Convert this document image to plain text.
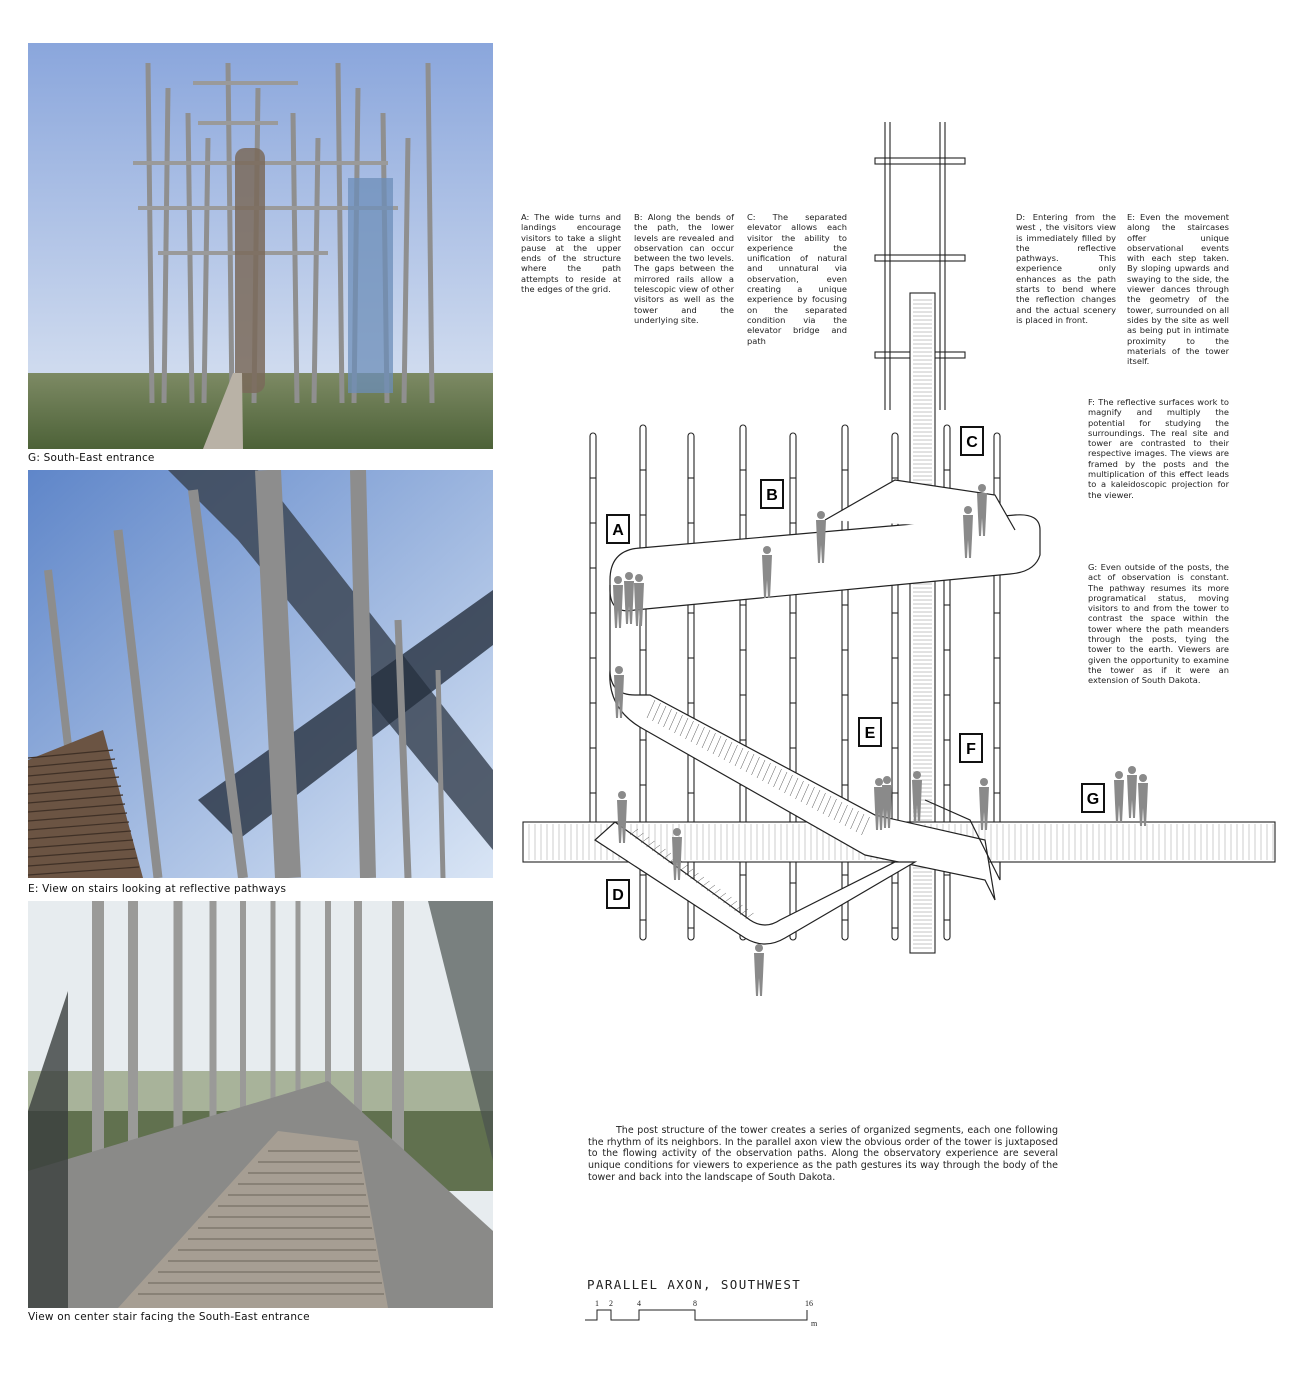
G: South-East entrance
E: View on stairs looking at reflective pathways
View on center stair facing the South-East entrance
A: The wide turns and landings encourage visitors to take a slight pause at the upper ends of the structure where the path attempts to reside at the edges of the grid.
B: Along the bends of the path, the lower levels are revealed and observation can occur between the two levels. The gaps between the mirrored rails allow a telescopic view of other visitors as well as the tower and the underlying site.
C: The separated elevator allows each visitor the ability to experience the unification of natural and unnatural via observation, even creating a unique experience by focusing on the separated condition via the elevator bridge and path
D: Entering from the west , the visitors view is immediately filled by the reflective pathways. This experience only enhances as the path starts to bend where the reflection changes and the actual scenery is placed in front.
E: Even the movement along the staircases offer unique observational events with each step taken. By sloping upwards and swaying to the side, the viewer dances through the geometry of the tower, surrounded on all sides by the site as well as being put in intimate proximity to the materials of the tower itself.
F: The reflective surfaces work to magnify and multiply the potential for studying the surroundings. The real site and tower are contrasted to their respective images. The views are framed by the posts and the multiplication of this effect leads to a kaleidoscopic projection for the viewer.
G: Even outside of the posts, the act of observation is constant. The pathway resumes its more programatical status, moving visitors to and from the tower to contrast the space within the tower where the path meanders through the posts, tying the tower to the earth. Viewers are given the opportunity to examine the tower as if it were an extension of South Dakota.
A
B
C
D
E
F
G
The post structure of the tower creates a series of organized segments, each one following the rhythm of its neighbors. In the parallel axon view the obvious order of the tower is juxtaposed to the flowing activity of the observation paths. Along the observatory experience are several unique conditions for viewers to experience as the path gestures its way through the body of the tower and back into the landscape of South Dakota.
PARALLEL AXON, SOUTHWEST
1 2	4	8	16
m
